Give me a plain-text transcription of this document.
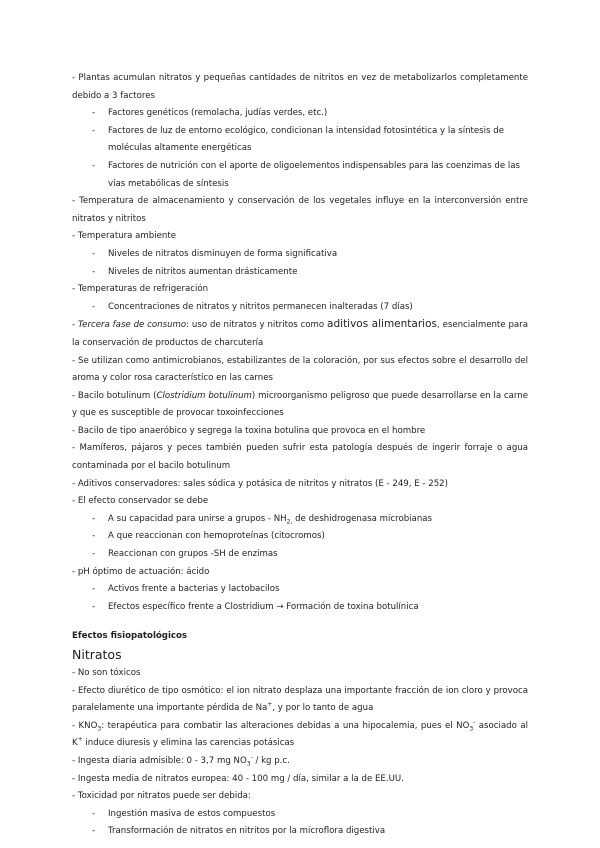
- Plantas acumulan nitratos y pequeñas cantidades de nitritos en vez de metabolizarlos completamente debido a 3 factores

- Factores genéticos (remolacha, judías verdes, etc.)
- Factores de luz de entorno ecológico, condicionan la intensidad fotosintética y la síntesis de moléculas altamente energéticas
- Factores de nutrición con el aporte de oligoelementos indispensables para las coenzimas de las vías metabólicas de síntesis

- Temperatura de almacenamiento y conservación de los vegetales influye en la interconversión entre nitratos y nitritos

- Temperatura ambiente

- Niveles de nitratos disminuyen de forma significativa
- Niveles de nitritos aumentan drásticamente

- Temperaturas de refrigeración

- Concentraciones de nitratos y nitritos permanecen inalteradas (7 días)

- Tercera fase de consumo: uso de nitratos y nitritos como aditivos alimentarios, esencialmente para la conservación de productos de charcutería

- Se utilizan como antimicrobianos, estabilizantes de la coloración, por sus efectos sobre el desarrollo del aroma y color rosa característico en las carnes

- Bacilo botulinum (Clostridium botulinum) microorganismo peligroso que puede desarrollarse en la carne y que es susceptible de provocar toxoinfecciones

- Bacilo de tipo anaeróbico y segrega la toxina botulina que provoca en el hombre

- Mamíferos, pájaros y peces también pueden sufrir esta patología después de ingerir forraje o agua contaminada por el bacilo botulinum

- Aditivos conservadores: sales sódica y potásica de nitritos y nitratos (E - 249, E - 252)

- El efecto conservador se debe

- A su capacidad para unirse a grupos - $NH_{2,}$ de deshidrogenasa microbianas
- A que reaccionan con hemoproteínas (citocromos)
- Reaccionan con grupos -SH de enzimas

- pH óptimo de actuación: ácido

- Activos frente a bacterias y lactobacilos
- Efectos específico frente a Clostridium → Formación de toxina botulínica

Efectos fisiopatológicos

Nitratos

- No son tóxicos

- Efecto diurético de tipo osmótico: el ion nitrato desplaza una importante fracción de ion cloro y provoca paralelamente una importante pérdida de Na+, y por lo tanto de agua

- $KNO_3$: terapéutica para combatir las alteraciones debidas a una hipocalemia, pues el $NO_3^-$ asociado al K+ induce diuresis y elimina las carencias potásicas

- Ingesta diaria admisible: 0 - 3,7 mg $NO_3^-$ / kg p.c.

- Ingesta media de nitratos europea: 40 - 100 mg / día, similar a la de EE.UU.

- Toxicidad por nitratos puede ser debida:

- Ingestión masiva de estos compuestos
- Transformación de nitratos en nitritos por la microflora digestiva
